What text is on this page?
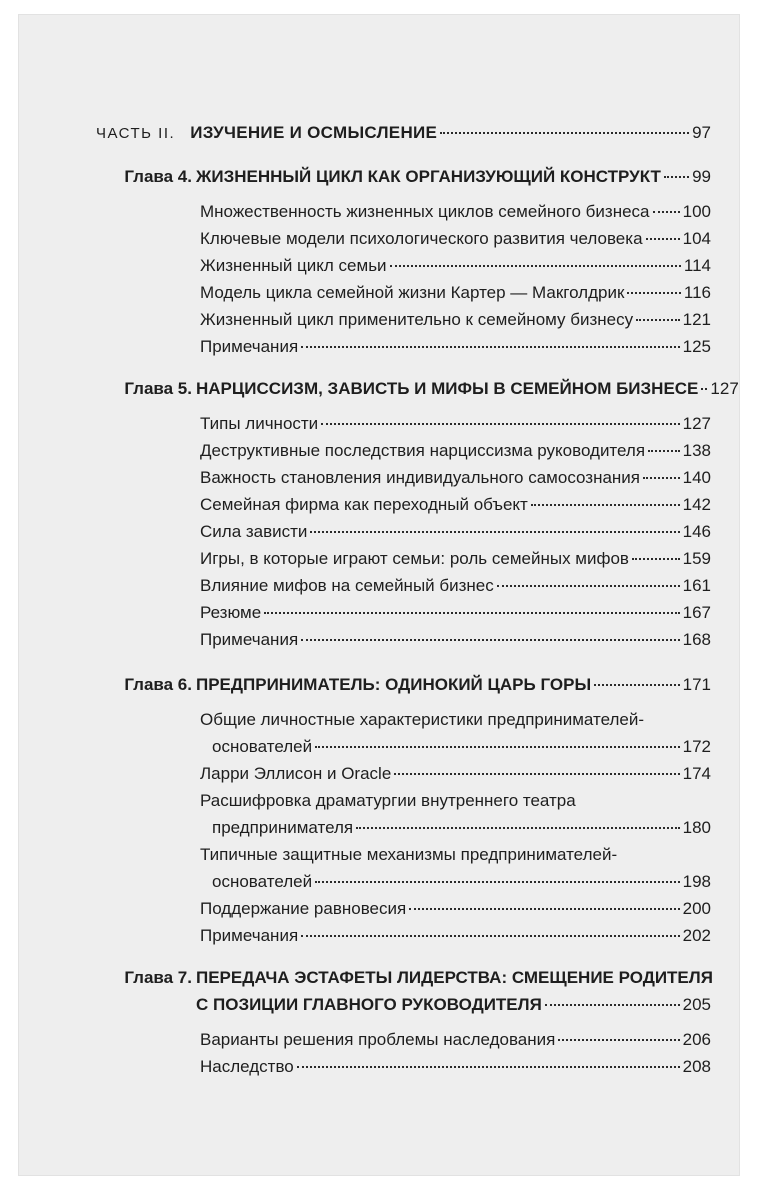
ЧАСТЬ II. ИЗУЧЕНИЕ И ОСМЫСЛЕНИЕ	97
Глава 4. ЖИЗНЕННЫЙ ЦИКЛ КАК ОРГАНИЗУЮЩИЙ КОНСТРУКТ 99
Множественность жизненных циклов семейного бизнеса 100
Ключевые модели психологического развития человека 104
Жизненный цикл семьи	114
Модель цикла семейной жизни Картер — Макголдрик	116
Жизненный цикл применительно к семейному бизнесу	121
Примечания	125
Глава 5. НАРЦИССИЗМ, ЗАВИСТЬ И МИФЫ В СЕМЕЙНОМ БИЗНЕСЕ 127
Типы личности	127
Деструктивные последствия нарциссизма руководителя 138
Важность становления индивидуального самосознания	140
Семейная фирма как переходный объект	142
Сила зависти	146
Игры, в которые играют семьи: роль семейных мифов	159
Влияние мифов на семейный бизнес	161
Резюме	167
Примечания	168
Глава 6. ПРЕДПРИНИМАТЕЛЬ: ОДИНОКИЙ ЦАРЬ ГОРЫ	171
Общие личностные характеристики предпринимателей-
основателей	172
Ларри Эллисон и Oracle	174
Расшифровка драматургии внутреннего театра
предпринимателя	180
Типичные защитные механизмы предпринимателей-
основателей	198
Поддержание равновесия	200
Примечания	202
Глава 7. ПЕРЕДАЧА ЭСТАФЕТЫ ЛИДЕРСТВА: СМЕЩЕНИЕ РОДИТЕЛЯ
С ПОЗИЦИИ ГЛАВНОГО РУКОВОДИТЕЛЯ	205
Варианты решения проблемы наследования	206
Наследство	208
